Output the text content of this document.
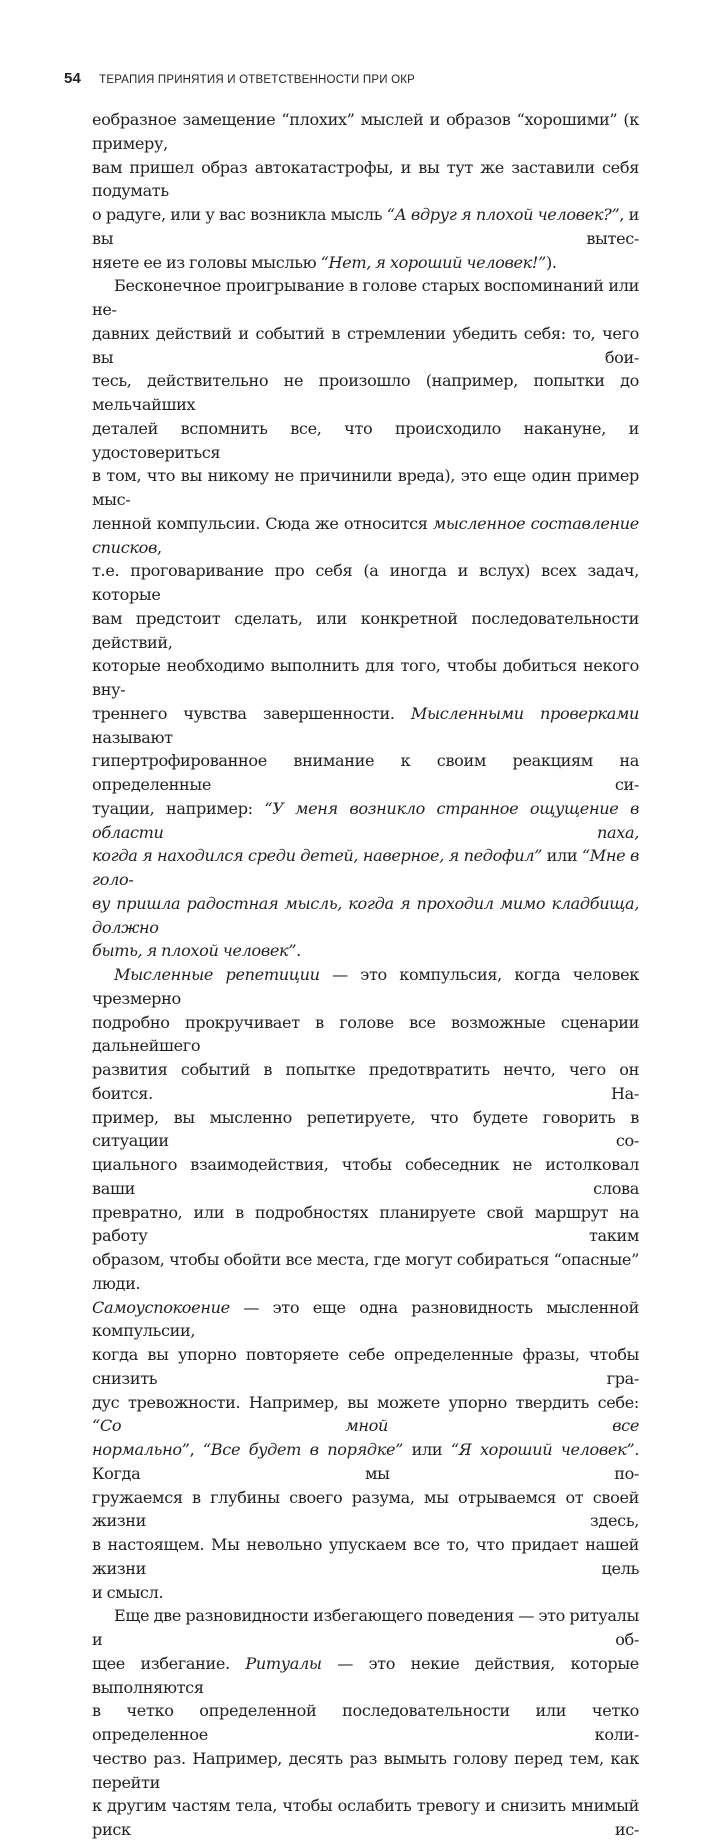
54 ТЕРАПИЯ ПРИНЯТИЯ И ОТВЕТСТВЕННОСТИ ПРИ ОКР
еобразное замещение “плохих” мыслей и образов “хорошими” (к примеру,
вам пришел образ автокатастрофы, и вы тут же заставили себя подумать
о радуге, или у вас возникла мысль “А вдруг я плохой человек?”, и вы вытес-
няете ее из головы мыслью “Нет, я хороший человек!”).
Бесконечное проигрывание в голове старых воспоминаний или не-
давних действий и событий в стремлении убедить себя: то, чего вы бои-
тесь, действительно не произошло (например, попытки до мельчайших
деталей вспомнить все, что происходило накануне, и удостовериться
в том, что вы никому не причинили вреда), это еще один пример мыс-
ленной компульсии. Сюда же относится мысленное составление списков,
т.е. проговаривание про себя (а иногда и вслух) всех задач, которые
вам предстоит сделать, или конкретной последовательности действий,
которые необходимо выполнить для того, чтобы добиться некого вну-
треннего чувства завершенности. Мысленными проверками называют
гипертрофированное внимание к своим реакциям на определенные си-
туации, например: “У меня возникло странное ощущение в области паха,
когда я находился среди детей, наверное, я педофил” или “Мне в голо-
ву пришла радостная мысль, когда я проходил мимо кладбища, должно
быть, я плохой человек”.
Мысленные репетиции — это компульсия, когда человек чрезмерно
подробно прокручивает в голове все возможные сценарии дальнейшего
развития событий в попытке предотвратить нечто, чего он боится. На-
пример, вы мысленно репетируете, что будете говорить в ситуации со-
циального взаимодействия, чтобы собеседник не истолковал ваши слова
превратно, или в подробностях планируете свой маршрут на работу таким
образом, чтобы обойти все места, где могут собираться “опасные” люди.
Самоуспокоение — это еще одна разновидность мысленной компульсии,
когда вы упорно повторяете себе определенные фразы, чтобы снизить гра-
дус тревожности. Например, вы можете упорно твердить себе: “Со мной все
нормально”, “Все будет в порядке” или “Я хороший человек”. Когда мы по-
гружаемся в глубины своего разума, мы отрываемся от своей жизни здесь,
в настоящем. Мы невольно упускаем все то, что придает нашей жизни цель
и смысл.
Еще две разновидности избегающего поведения — это ритуалы и об-
щее избегание. Ритуалы — это некие действия, которые выполняются
в четко определенной последовательности или четко определенное коли-
чество раз. Например, десять раз вымыть голову перед тем, как перейти
к другим частям тела, чтобы ослабить тревогу и снизить мнимый риск ис-
